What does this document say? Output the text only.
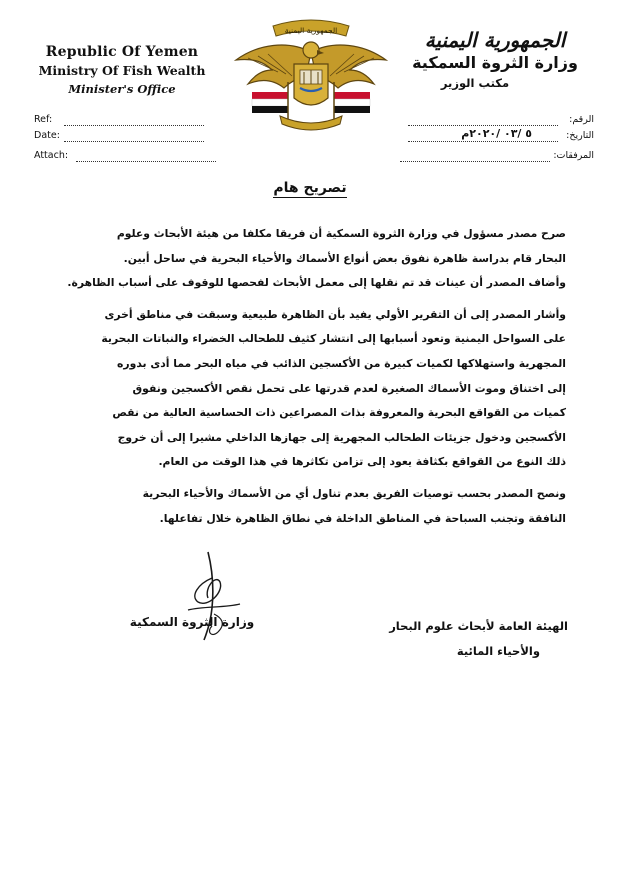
Republic Of Yemen
Ministry Of Fish Wealth
Minister's Office
الجمهورية اليمنية	الجمهورية اليمنية
وزارة الثروة السمكية
مكتب الوزير
Ref:	الرقم:
Date:	٥ /٠٣ /٢٠٢٠م	التاريخ:
Attach:	المرفقات:
تصريح هام

صرح مصدر مسؤول في وزارة الثروة السمكية أن فريقا مكلفا من هيئة الأبحاث وعلوم

البحار قام بدراسة ظاهرة نفوق بعض أنواع الأسماك والأحياء البحرية في ساحل أبين.

وأضاف المصدر أن عينات قد تم نقلها إلى معمل الأبحاث لفحصها للوقوف على أسباب الظاهرة.

وأشار المصدر إلى أن التقرير الأولي يفيد بأن الظاهرة طبيعية وسبقت في مناطق أخرى

على السواحل اليمنية وتعود أسبابها إلى انتشار كثيف للطحالب الخضراء والنباتات البحرية

المجهرية واستهلاكها لكميات كبيرة من الأكسجين الذائب في مياه البحر مما أدى بدوره

إلى اختناق وموت الأسماك الصغيرة لعدم قدرتها على تحمل نقص الأكسجين ونفوق

كميات من القواقع البحرية والمعروفة بذات المصراعين ذات الحساسية العالية من نقص

الأكسجين ودخول جزيئات الطحالب المجهرية إلى جهازها الداخلي مشيرا إلى أن خروج

ذلك النوع من القواقع بكثافة يعود إلى تزامن تكاثرها في هذا الوقت من العام.

ونصح المصدر بحسب توصيات الفريق بعدم تناول أي من الأسماك والأحياء البحرية

النافقة وتجنب السباحة في المناطق الداخلة في نطاق الظاهرة خلال تفاعلها.

وزارة الثروة السمكية	الهيئة العامة لأبحاث علوم البحار
والأحياء المائية
